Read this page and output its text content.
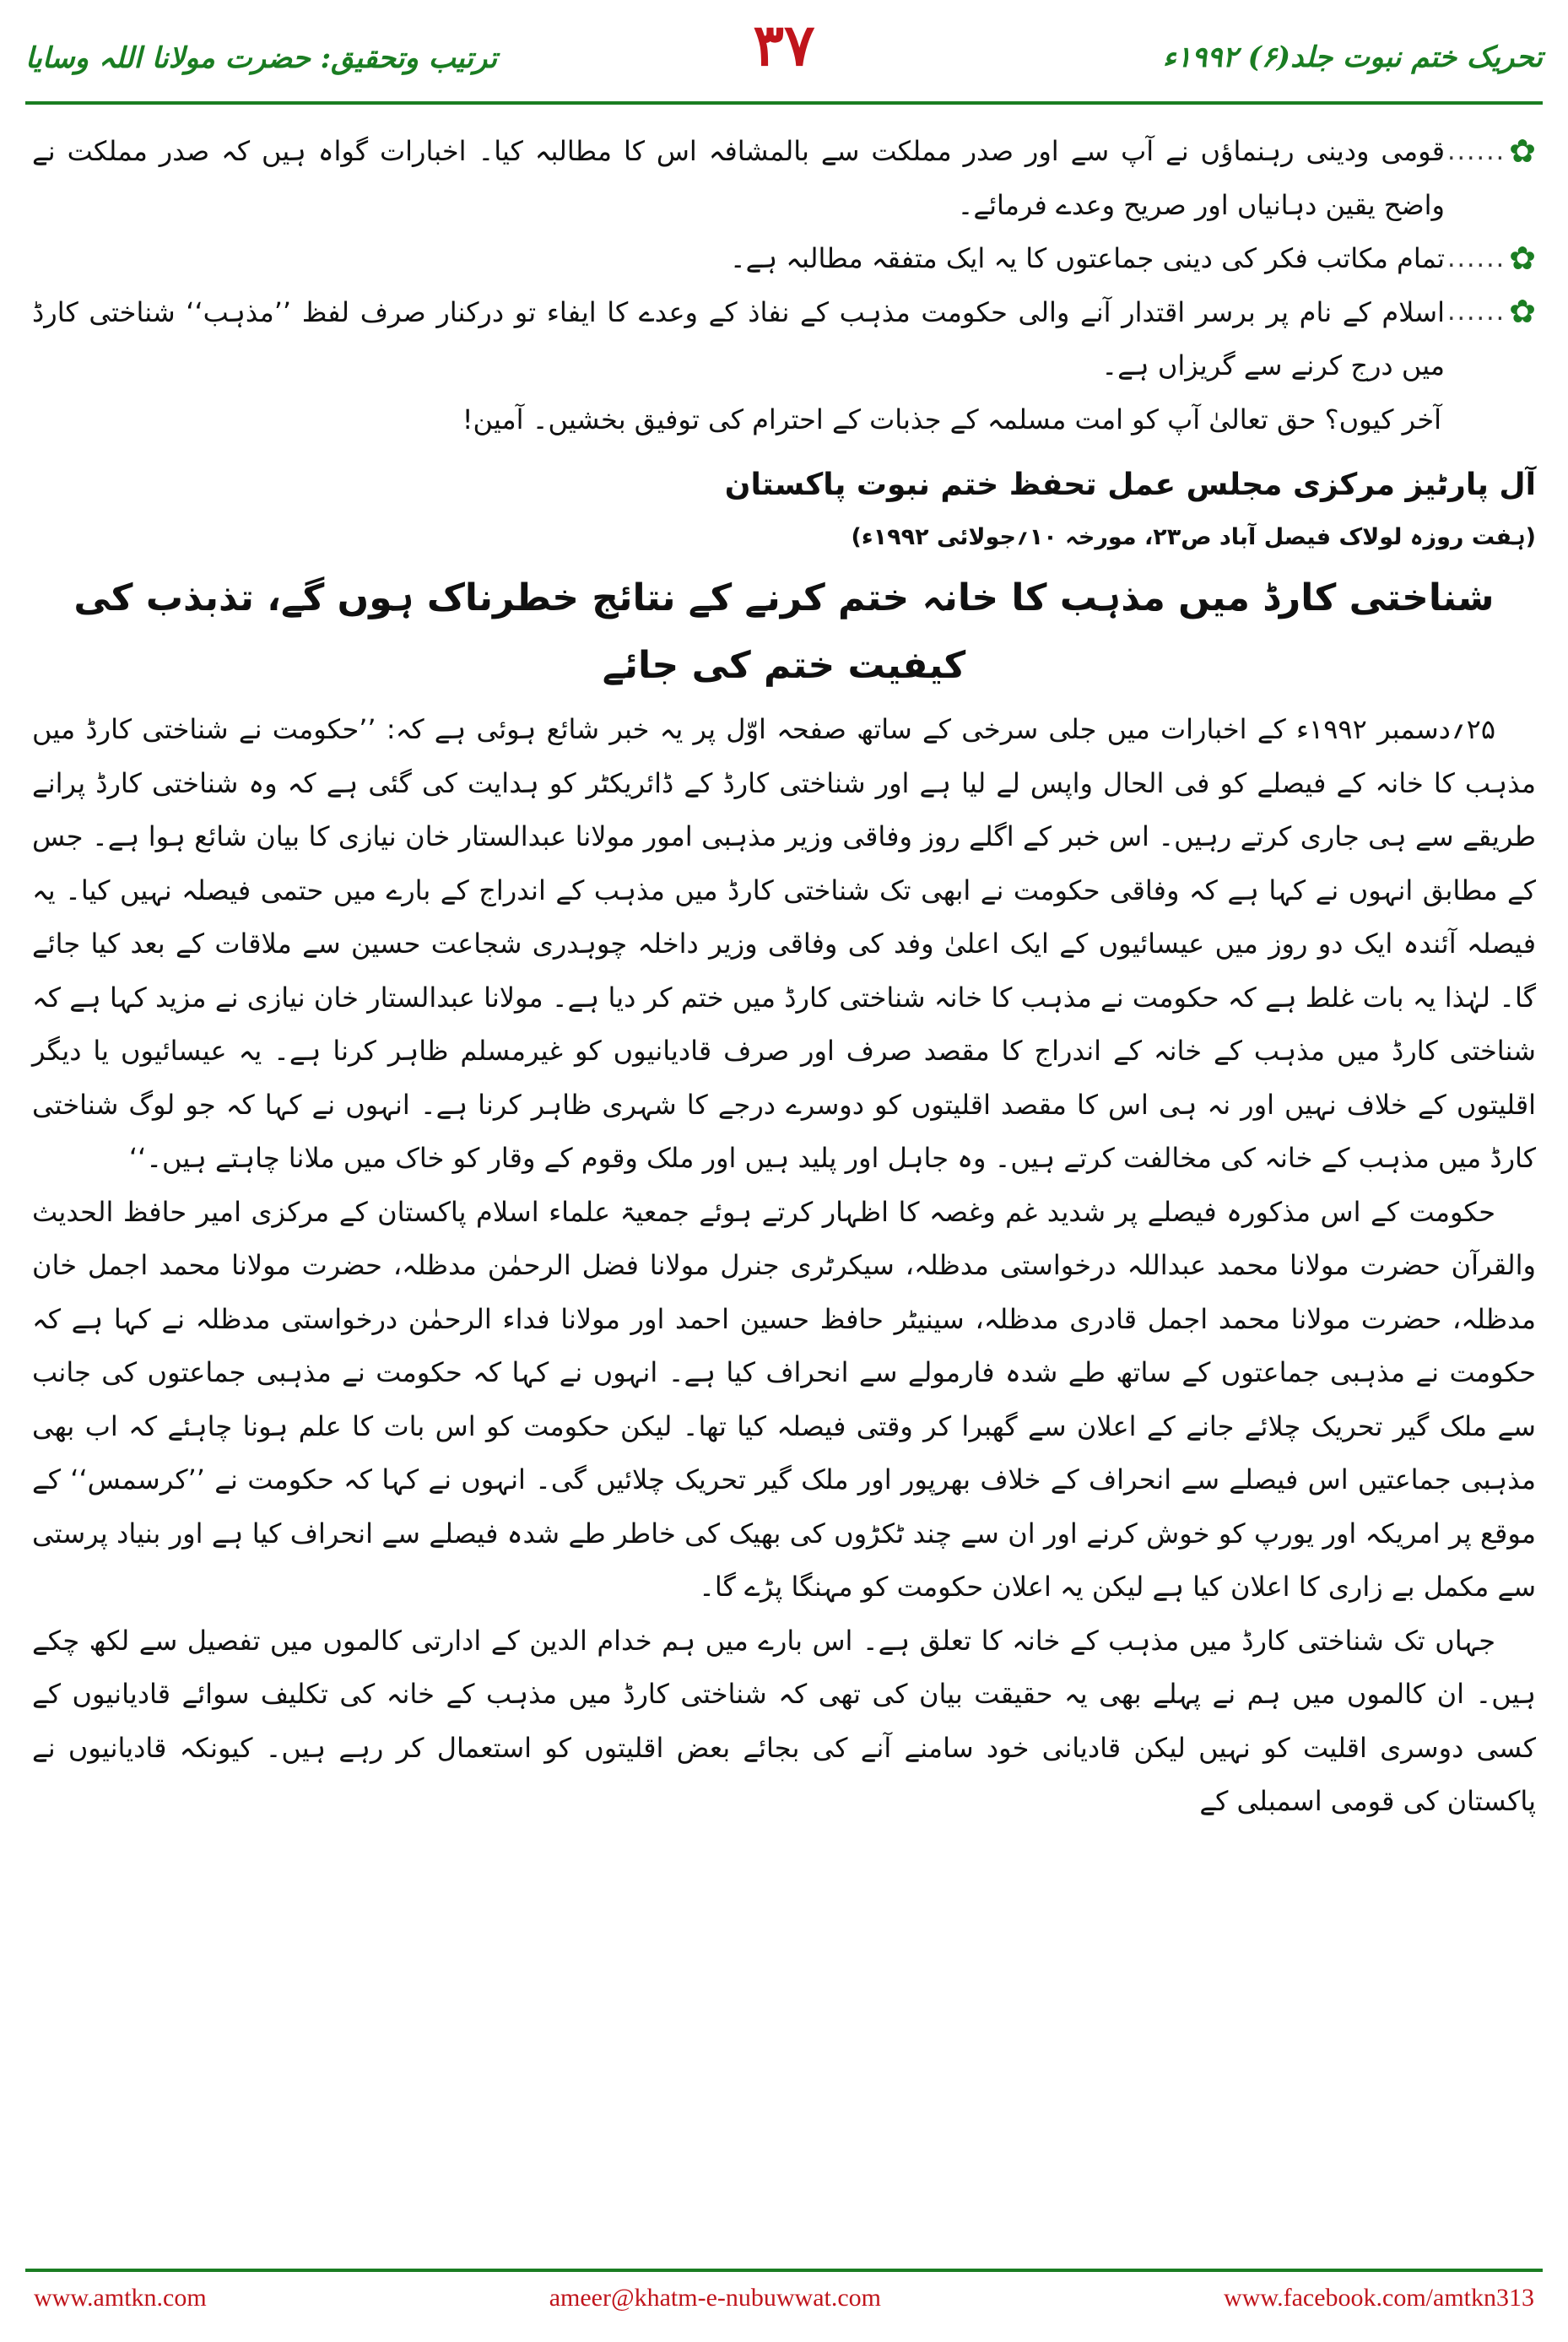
تحریک ختم نبوت جلد(۶) ۱۹۹۲ء
۳۷
ترتیب وتحقیق: حضرت مولانا اللہ وسایا
...... ✿

قومی ودینی رہنماؤں نے آپ سے اور صدر مملکت سے بالمشافہ اس کا مطالبہ کیا۔ اخبارات گواہ ہیں کہ صدر مملکت نے واضح یقین دہانیاں اور صریح وعدے فرمائے۔

...... ✿

تمام مکاتب فکر کی دینی جماعتوں کا یہ ایک متفقہ مطالبہ ہے۔

...... ✿

اسلام کے نام پر برسر اقتدار آنے والی حکومت مذہب کے نفاذ کے وعدے کا ایفاء تو درکنار صرف لفظ ’’مذہب‘‘ شناختی کارڈ میں درج کرنے سے گریزاں ہے۔

آخر کیوں؟ حق تعالیٰ آپ کو امت مسلمہ کے جذبات کے احترام کی توفیق بخشیں۔ آمین!

آل پارٹیز مرکزی مجلس عمل تحفظ ختم نبوت پاکستان

(ہفت روزہ لولاک فیصل آباد ص۲۳، مورخہ ۱۰؍جولائی ۱۹۹۲ء)

شناختی کارڈ میں مذہب کا خانہ ختم کرنے کے نتائج خطرناک ہوں گے، تذبذب کی کیفیت ختم کی جائے

۲۵؍دسمبر ۱۹۹۲ء کے اخبارات میں جلی سرخی کے ساتھ صفحہ اوّل پر یہ خبر شائع ہوئی ہے کہ: ’’حکومت نے شناختی کارڈ میں مذہب کا خانہ کے فیصلے کو فی الحال واپس لے لیا ہے اور شناختی کارڈ کے ڈائریکٹر کو ہدایت کی گئی ہے کہ وہ شناختی کارڈ پرانے طریقے سے ہی جاری کرتے رہیں۔ اس خبر کے اگلے روز وفاقی وزیر مذہبی امور مولانا عبدالستار خان نیازی کا بیان شائع ہوا ہے۔ جس کے مطابق انہوں نے کہا ہے کہ وفاقی حکومت نے ابھی تک شناختی کارڈ میں مذہب کے اندراج کے بارے میں حتمی فیصلہ نہیں کیا۔ یہ فیصلہ آئندہ ایک دو روز میں عیسائیوں کے ایک اعلیٰ وفد کی وفاقی وزیر داخلہ چوہدری شجاعت حسین سے ملاقات کے بعد کیا جائے گا۔ لہٰذا یہ بات غلط ہے کہ حکومت نے مذہب کا خانہ شناختی کارڈ میں ختم کر دیا ہے۔ مولانا عبدالستار خان نیازی نے مزید کہا ہے کہ شناختی کارڈ میں مذہب کے خانہ کے اندراج کا مقصد صرف اور صرف قادیانیوں کو غیرمسلم ظاہر کرنا ہے۔ یہ عیسائیوں یا دیگر اقلیتوں کے خلاف نہیں اور نہ ہی اس کا مقصد اقلیتوں کو دوسرے درجے کا شہری ظاہر کرنا ہے۔ انہوں نے کہا کہ جو لوگ شناختی کارڈ میں مذہب کے خانہ کی مخالفت کرتے ہیں۔ وہ جاہل اور پلید ہیں اور ملک وقوم کے وقار کو خاک میں ملانا چاہتے ہیں۔‘‘

حکومت کے اس مذکورہ فیصلے پر شدید غم وغصہ کا اظہار کرتے ہوئے جمعیۃ علماء اسلام پاکستان کے مرکزی امیر حافظ الحدیث والقرآن حضرت مولانا محمد عبداللہ درخواستی مدظلہ، سیکرٹری جنرل مولانا فضل الرحمٰن مدظلہ، حضرت مولانا محمد اجمل خان مدظلہ، حضرت مولانا محمد اجمل قادری مدظلہ، سینیٹر حافظ حسین احمد اور مولانا فداء الرحمٰن درخواستی مدظلہ نے کہا ہے کہ حکومت نے مذہبی جماعتوں کے ساتھ طے شدہ فارمولے سے انحراف کیا ہے۔ انہوں نے کہا کہ حکومت نے مذہبی جماعتوں کی جانب سے ملک گیر تحریک چلائے جانے کے اعلان سے گھبرا کر وقتی فیصلہ کیا تھا۔ لیکن حکومت کو اس بات کا علم ہونا چاہئے کہ اب بھی مذہبی جماعتیں اس فیصلے سے انحراف کے خلاف بھرپور اور ملک گیر تحریک چلائیں گی۔ انہوں نے کہا کہ حکومت نے ’’کرسمس‘‘ کے موقع پر امریکہ اور یورپ کو خوش کرنے اور ان سے چند ٹکڑوں کی بھیک کی خاطر طے شدہ فیصلے سے انحراف کیا ہے اور بنیاد پرستی سے مکمل بے زاری کا اعلان کیا ہے لیکن یہ اعلان حکومت کو مہنگا پڑے گا۔

جہاں تک شناختی کارڈ میں مذہب کے خانہ کا تعلق ہے۔ اس بارے میں ہم خدام الدین کے ادارتی کالموں میں تفصیل سے لکھ چکے ہیں۔ ان کالموں میں ہم نے پہلے بھی یہ حقیقت بیان کی تھی کہ شناختی کارڈ میں مذہب کے خانہ کی تکلیف سوائے قادیانیوں کے کسی دوسری اقلیت کو نہیں لیکن قادیانی خود سامنے آنے کی بجائے بعض اقلیتوں کو استعمال کر رہے ہیں۔ کیونکہ قادیانیوں نے پاکستان کی قومی اسمبلی کے

www.amtkn.com	ameer@khatm-e-nubuwwat.com	www.facebook.com/amtkn313
